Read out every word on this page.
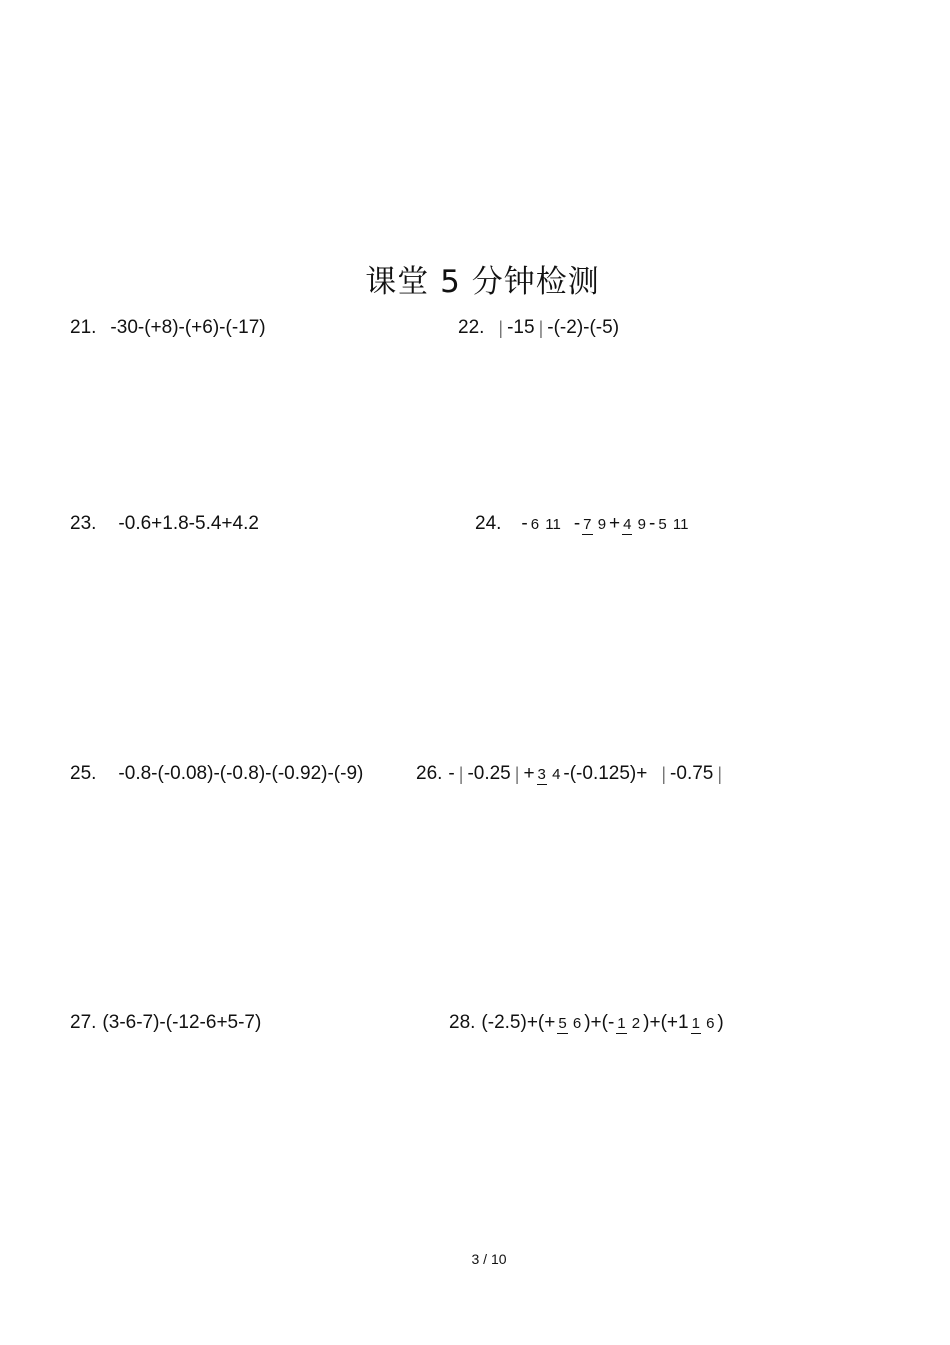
课堂 5 分钟检测
21. -30-(+8)-(+6)-(-17)	22. | -15 | -(-2)-(-5)
23. -0.6+1.8-5.4+4.2	24. - 6 11 - 7 9 + 4 9 - 5 11
25. -0.8-(-0.08)-(-0.8)-(-0.92)-(-9)	26. - | -0.25 | + 3 4 -(-0.125)+ | -0.75 |
27. (3-6-7)-(-12-6+5-7)	28. (-2.5)+(+ 5 6 )+(- 1 2 )+(+1 1 6 )
3 / 10
